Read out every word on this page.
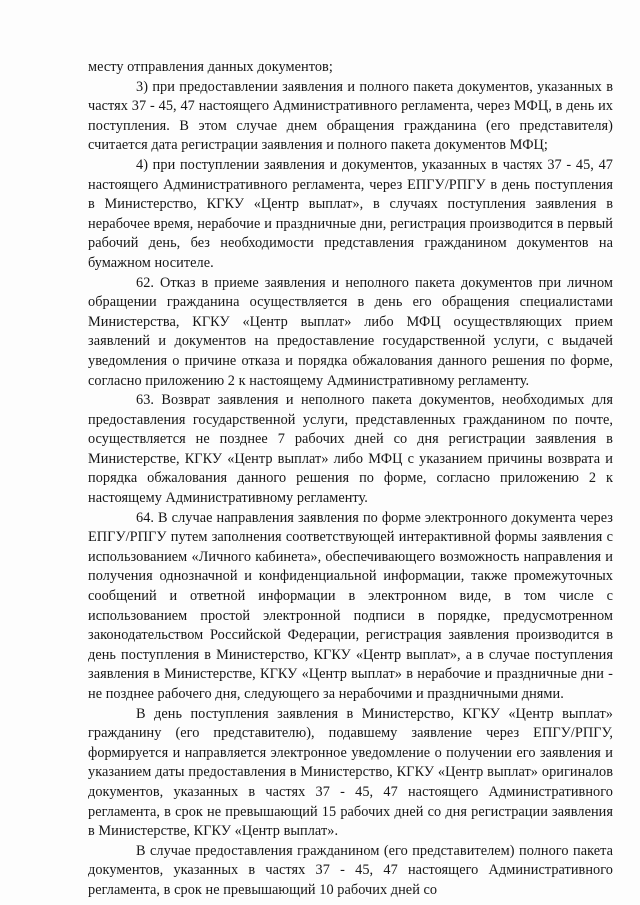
месту отправления данных документов;

3) при предоставлении заявления и полного пакета документов, указанных в частях 37 - 45, 47 настоящего Административного регламента, через МФЦ, в день их поступления. В этом случае днем обращения гражданина (его представителя) считается дата регистрации заявления и полного пакета документов МФЦ;

4) при поступлении заявления и документов, указанных в частях 37 - 45, 47 настоящего Административного регламента, через ЕПГУ/РПГУ в день поступления в Министерство, КГКУ «Центр выплат», в случаях поступления заявления в нерабочее время, нерабочие и праздничные дни, регистрация производится в первый рабочий день, без необходимости представления гражданином документов на бумажном носителе.

62. Отказ в приеме заявления и неполного пакета документов при личном обращении гражданина осуществляется в день его обращения специалистами Министерства, КГКУ «Центр выплат» либо МФЦ осуществляющих прием заявлений и документов на предоставление государственной услуги, с выдачей уведомления о причине отказа и порядка обжалования данного решения по форме, согласно приложению 2 к настоящему Административному регламенту.

63. Возврат заявления и неполного пакета документов, необходимых для предоставления государственной услуги, представленных гражданином по почте, осуществляется не позднее 7 рабочих дней со дня регистрации заявления в Министерстве, КГКУ «Центр выплат» либо МФЦ с указанием причины возврата и порядка обжалования данного решения по форме, согласно приложению 2 к настоящему Административному регламенту.

64. В случае направления заявления по форме электронного документа через ЕПГУ/РПГУ путем заполнения соответствующей интерактивной формы заявления с использованием «Личного кабинета», обеспечивающего возможность направления и получения однозначной и конфиденциальной информации, также промежуточных сообщений и ответной информации в электронном виде, в том числе с использованием простой электронной подписи в порядке, предусмотренном законодательством Российской Федерации, регистрация заявления производится в день поступления в Министерство, КГКУ «Центр выплат», а в случае поступления заявления в Министерстве, КГКУ «Центр выплат» в нерабочие и праздничные дни - не позднее рабочего дня, следующего за нерабочими и праздничными днями.

В день поступления заявления в Министерство, КГКУ «Центр выплат» гражданину (его представителю), подавшему заявление через ЕПГУ/РПГУ, формируется и направляется электронное уведомление о получении его заявления и указанием даты предоставления в Министерство, КГКУ «Центр выплат» оригиналов документов, указанных в частях 37 - 45, 47 настоящего Административного регламента, в срок не превышающий 15 рабочих дней со дня регистрации заявления в Министерстве, КГКУ «Центр выплат».

В случае предоставления гражданином (его представителем) полного пакета документов, указанных в частях 37 - 45, 47 настоящего Административного регламента, в срок не превышающий 10 рабочих дней со
